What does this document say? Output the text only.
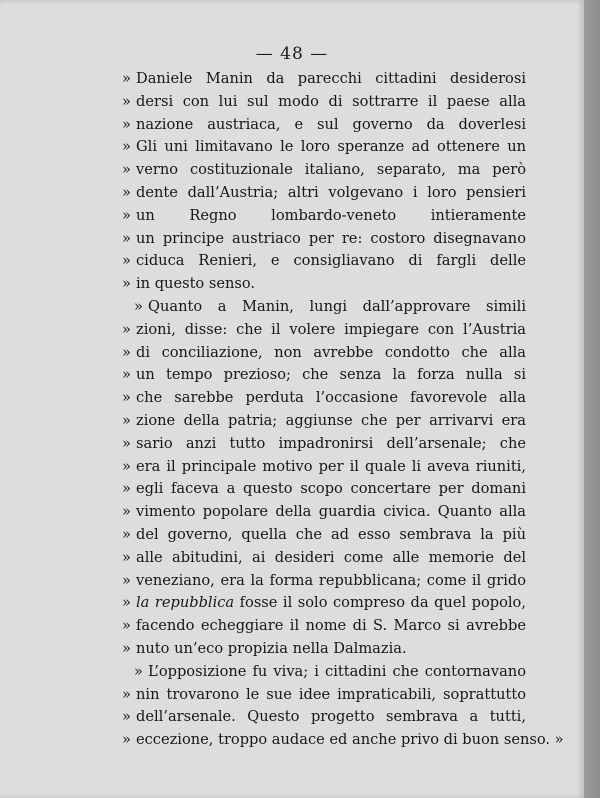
— 48 —
» Daniele Manin da parecchi cittadini desiderosi
» dersi con lui sul modo di sottrarre il paese alla
» nazione austriaca, e sul governo da doverlesi
» Gli uni limitavano le loro speranze ad ottenere un
» verno costituzionale italiano, separato, ma però
» dente dall’Austria; altri volgevano i loro pensieri
» un Regno lombardo-veneto intieramente
» un principe austriaco per re: costoro disegnavano
» ciduca Renieri, e consigliavano di fargli delle
» in questo senso.
» Quanto a Manin, lungi dall’approvare simili
» zioni, disse: che il volere impiegare con l’Austria
» di conciliazione, non avrebbe condotto che alla
» un tempo prezioso; che senza la forza nulla si
» che sarebbe perduta l’occasione favorevole alla
» zione della patria; aggiunse che per arrivarvi era
» sario anzi tutto impadronirsi dell’arsenale; che
» era il principale motivo per il quale li aveva riuniti,
» egli faceva a questo scopo concertare per domani
» vimento popolare della guardia civica. Quanto alla
» del governo, quella che ad esso sembrava la più
» alle abitudini, ai desideri come alle memorie del
» veneziano, era la forma repubblicana; come il grido
» la repubblica fosse il solo compreso da quel popolo,
» facendo echeggiare il nome di S. Marco si avrebbe
» nuto un’eco propizia nella Dalmazia.
» L’opposizione fu viva; i cittadini che contornavano
» nin trovarono le sue idee impraticabili, soprattutto
» dell’arsenale. Questo progetto sembrava a tutti,
» eccezione, troppo audace ed anche privo di buon senso. »
